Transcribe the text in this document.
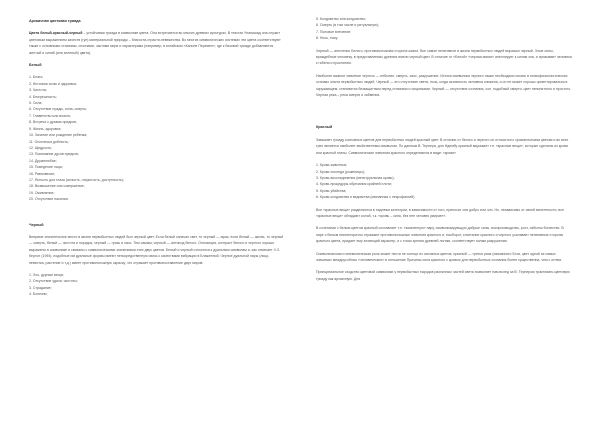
Архаичная цветовая триада

Цвета белый-красный-черный – устойчивая триада в символике цвета. Она встречается во многих древних культурах. В текстах Упанишад она служит цветовым выражением качеств (гун) материальной природы – благости-страсти-невежества. Во многих символических системах эти цвета соответствуют также с основными стихиями, сезонами, частями мира и характерами (например, в китайском «Каноне Перемен», где к базовой триаде добавляются желтый и синий (или зеленый) цвета).

Белый
1. Благо;
2. Источник силы и здоровья;
3. Чистота;
4. Безгрешность;
5. Сила;
6. Отсутствие нужды, сила, смерть;
7. Главенство или власть;
8. Встреча с духами предков;
9. Жизнь, здоровье;
10. Зачатие или рождение ребенка;
11. Охотничья доблесть;
12. Щедрость;
13. Понимание дусов предков;
14. Дружелюбие;
15. Поведение лица;
16. Равновесие;
17. Ясность для глаза (ясность, открытость, доступность);
18. Возвышение или совершение;
19. Оживление;
20. Отсутствие насилия.
Черный

Впервые значительное место в жизни первобытных людей был черный цвет. Если белый означал свет, то черный — мрак, если белый — жизнь, то черный — смерть, белый — чистота и порядок, черный — грязь и хаос. Тем самым, черный — антипод белого. Оппозиции, контраст белого и черного хорошо выражены в символике и связаны с символическими значениями этих двух цветов. Белый и черный относятся к дуальным символам и, как отмечает Х.З. Керлот (1994), подобные им дуальные формы имеют непосредственную связь с качествами вибрации в Блаженной. Черное дуальной пары (лицо, невестка, растение и т.д.) имеет противоположную окраску, что отражает противопоставление двух миров.

1. Зло, дурные вещи;
2. Отсутствие удачи, чистоты;
3. Страдание;
4. Болезни;
5. Колдовство или колдовство;
6. Смерть (в том числе и ритуальную);
7. Половое влечение;
8. Ночь, тьму.

Черный — антитезис Белого, противоположная сторона жизни. Все самое негативное в жизни первобытных людей выражал черный. Злые силы, враждебные человеку, в представлениях древних имели черный цвет. В отличие от «Белой» «черная магия» апеллирует к силам зла, и призывает человека к гибели и проклятию.

Наиболее важное значение черного — небытие, смерть, хаос, разрушение. Истоки символики черного также необходимо искать в психофизиологических основах опыта первобытных людей. Черный — это отсутствие света, ночь, когда активность человека снижена, и он не может хорошо ориентироваться в окружающем, становится беззащитным перед стихиями и хищниками. Черный — отсутствие сознания, сон, подобный смерти, цвет непонятного и простого. Черная река – река смерти и забвения.

Красный

Замыкает триаду косновных цветов для первобытных людей красный цвет. В отличие от белого и черного он относится к хроматическим цветам и во всех трех является наиболее звойственным символом. По данным В. Тернера, для Ндембу красный выражает т.н. «красные вещи», которые сделаны из крови или красной глины. Символические значения красного определяются в виде: «крови»

1. Кровь животных;
2. Кровь последа (роженицы);
3. Кровь воссоединения (менструальная кровь);
4. Кровь процедуры обрезания крайней плоти;
5. Кровь убийства;
6. Кровь колдовства и ведовства (связанная с некрофагией).

Все «красные вещи» разделяются в надлежи категории, в зависимости от того, приносит они добро или зло. Но, независимо от своей валентности, все «красные вещи» обладают силой, т.к. «кровь – сила, без нее человек умирает».

В сочетании с белым цветом красный составляет т.н. «жизненную» пару, символизирующую добрые силы, воспроизводство, рост, избыток богатство. В паре с белым некатегорично отражают противоположные значения красного и, наоборот, сочетание красного и черного усиливает негативные стороны красного цвета, придает ему зловещий характер, и с точки зрения древней логики, соответствует силам разрушения.

Символическая и мнемоническая роль может нести не солнце из основных цветов, красный — третья раза (связанного Бога, цвет одной из самых значимых междоусобных «человеческих» в отношение Причины сила красного с кровью для первобытных сознания более существенна, чем с отнем.

Принципиальное сходство цветовой символики у первобытных народов различных частей света позволяет нам вслед за В. Тернером трактовать цветовую триаду как архаичную. Для
